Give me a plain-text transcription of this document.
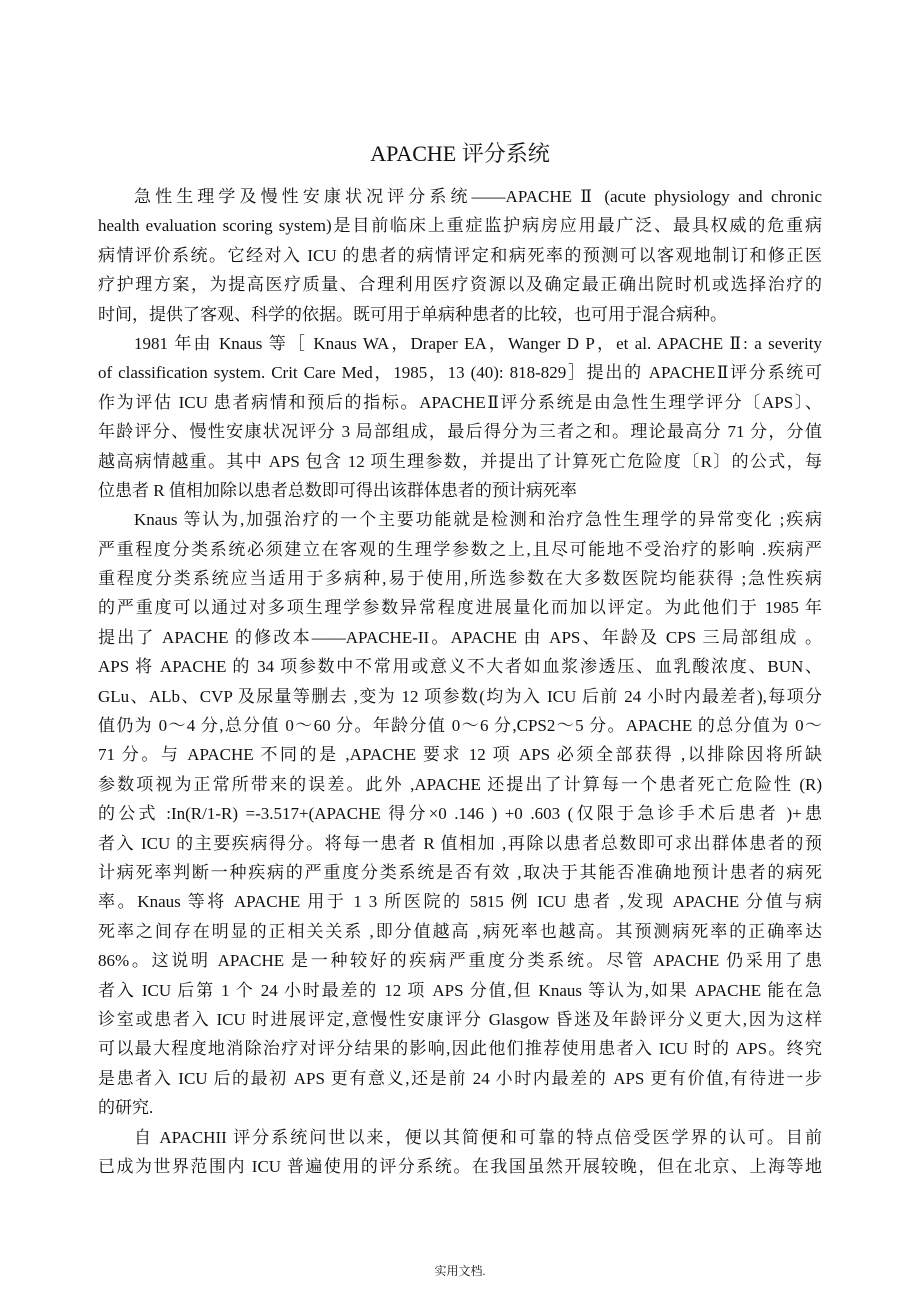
APACHE 评分系统
急性生理学及慢性安康状况评分系统——APACHE Ⅱ (acute physiology and chronic
health evaluation scoring system)是目前临床上重症监护病房应用最广泛、最具权威的危重病
病情评价系统。它经对入 ICU 的患者的病情评定和病死率的预测可以客观地制订和修正医
疗护理方案，为提高医疗质量、合理利用医疗资源以及确定最正确出院时机或选择治疗的
时间，提供了客观、科学的依据。既可用于单病种患者的比较，也可用于混合病种。
1981 年由 Knaus 等［ Knaus WA，Draper EA，Wanger D P，et al. APACHE Ⅱ: a severity
of classification system. Crit Care Med，1985，13 (40): 818-829］提出的 APACHEⅡ评分系统可
作为评估 ICU 患者病情和预后的指标。APACHEⅡ评分系统是由急性生理学评分〔APS〕、
年龄评分、慢性安康状况评分 3 局部组成，最后得分为三者之和。理论最高分 71 分，分值
越高病情越重。其中 APS 包含 12 项生理参数，并提出了计算死亡危险度〔R〕的公式，每
位患者 R 值相加除以患者总数即可得出该群体患者的预计病死率
Knaus 等认为,加强治疗的一个主要功能就是检测和治疗急性生理学的异常变化 ;疾病
严重程度分类系统必须建立在客观的生理学参数之上,且尽可能地不受治疗的影响 .疾病严
重程度分类系统应当适用于多病种,易于使用,所选参数在大多数医院均能获得 ;急性疾病
的严重度可以通过对多项生理学参数异常程度进展量化而加以评定。为此他们于 1985 年
提出了 APACHE 的修改本——APACHE-II。APACHE 由 APS、年龄及 CPS 三局部组成 。
APS 将 APACHE 的 34 项参数中不常用或意义不大者如血浆渗透压、血乳酸浓度、BUN、
GLu、ALb、CVP 及尿量等删去 ,变为 12 项参数(均为入 ICU 后前 24 小时内最差者),每项分
值仍为 0～4 分,总分值 0～60 分。年龄分值 0～6 分,CPS2～5 分。APACHE 的总分值为 0～
71 分。与 APACHE 不同的是 ,APACHE 要求 12 项 APS 必须全部获得 ,以排除因将所缺
参数项视为正常所带来的误差。此外 ,APACHE 还提出了计算每一个患者死亡危险性 (R)
的公式 :In(R/1-R) =-3.517+(APACHE 得分×0 .146 ) +0 .603 (仅限于急诊手术后患者 )+患
者入 ICU 的主要疾病得分。将每一患者 R 值相加 ,再除以患者总数即可求出群体患者的预
计病死率判断一种疾病的严重度分类系统是否有效 ,取决于其能否准确地预计患者的病死
率。Knaus 等将 APACHE 用于 1 3 所医院的 5815 例 ICU 患者 ,发现 APACHE 分值与病
死率之间存在明显的正相关关系 ,即分值越高 ,病死率也越高。其预测病死率的正确率达
86%。这说明 APACHE 是一种较好的疾病严重度分类系统。尽管 APACHE 仍采用了患
者入 ICU 后第 1 个 24 小时最差的 12 项 APS 分值,但 Knaus 等认为,如果 APACHE 能在急
诊室或患者入 ICU 时进展评定,意慢性安康评分 Glasgow 昏迷及年龄评分义更大,因为这样
可以最大程度地消除治疗对评分结果的影响,因此他们推荐使用患者入 ICU 时的 APS。终究
是患者入 ICU 后的最初 APS 更有意义,还是前 24 小时内最差的 APS 更有价值,有待进一步
的研究.
自 APACHII 评分系统问世以来，便以其简便和可靠的特点倍受医学界的认可。目前
已成为世界范围内 ICU 普遍使用的评分系统。在我国虽然开展较晚，但在北京、上海等地
实用文档.
